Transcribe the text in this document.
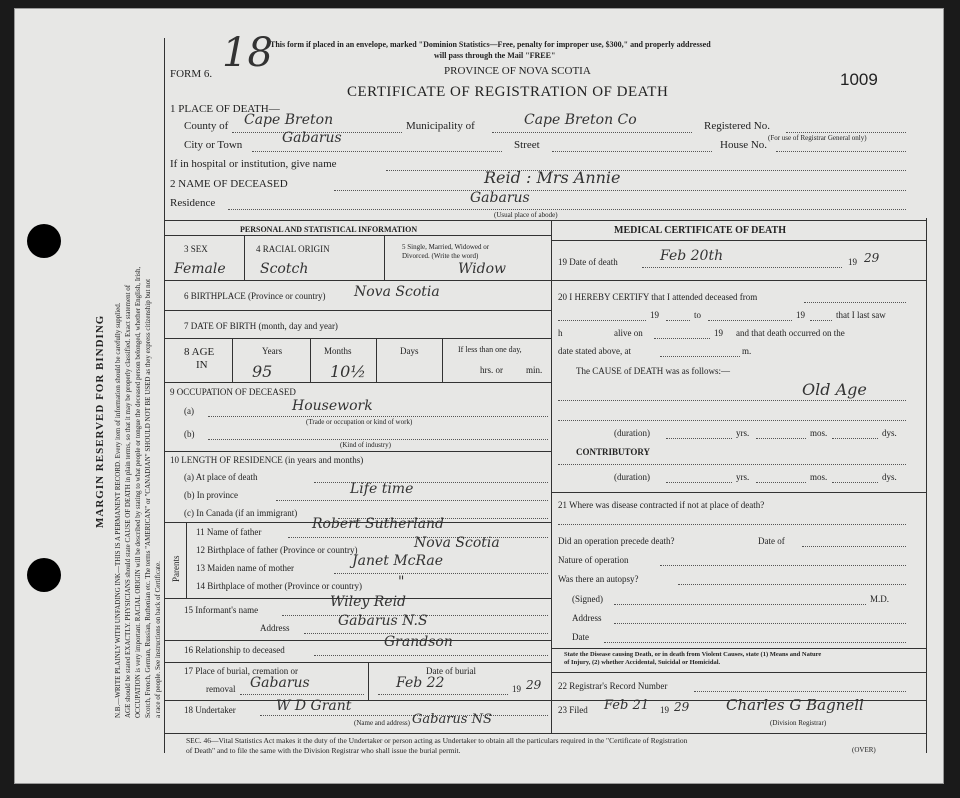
MARGIN RESERVED FOR BINDING N.B.—WRITE PLAINLY WITH UNFADING INK—THIS IS A PERMANENT RECORD. Every item of information should be carefully supplied. AGE should be stated EXACTLY. PHYSICIANS should state CAUSE OF DEATH in plain terms, so that it may be properly classified. Exact statement of OCCUPATION is very important. RACIAL ORIGIN will be described by stating to what people or tongue the deceased person belonged, whether English, Irish, Scotch, French, German, Russian, Ruthenian etc. The terms "AMERICAN" or "CANADIAN" SHOULD NOT BE USED as they express citizenship but not a race of people. See instructions on back of Certificate.
18
This form if placed in an envelope, marked "Dominion Statistics—Free, penalty for improper use, $300," and properly addressed
will pass through the Mail "FREE"
FORM 6.	PROVINCE OF NOVA SCOTIA
CERTIFICATE OF REGISTRATION OF DEATH
1009
1 PLACE OF DEATH—
County of Cape Breton	Municipality of	Cape Breton Co	Registered No.
(For use of Registrar General only)
City or Town	Gabarus	Street	House No.
If in hospital or institution, give name
2 NAME OF DECEASED	Reid : Mrs Annie
Residence	Gabarus
(Usual place of abode)
PERSONAL AND STATISTICAL INFORMATION
3 SEX	4 RACIAL ORIGIN	5 Single, Married, Widowed or
Divorced. (Write the word)
Female Scotch	Widow
6 BIRTHPLACE (Province or country) Nova Scotia
7 DATE OF BIRTH (month, day and year)
8 AGE
IN
Years
95
Months
10½
Days	If less than one day,
hrs. or	min.
9 OCCUPATION OF DECEASED
(a)	Housework
(Trade or occupation or kind of work)
(b)
(Kind of industry)
10 LENGTH OF RESIDENCE (in years and months)
(a) At place of death
(b) In province	Life time
(c) In Canada (if an immigrant)
Parents
11 Name of father	Robert Sutherland
12 Birthplace of father (Province or country)	Nova Scotia
13 Maiden name of mother	Janet McRae
14 Birthplace of mother (Province or country)	"
15 Informant's name	Wiley Reid
Address	Gabarus N.S
16 Relationship to deceased	Grandson
17 Place of burial, cremation or
removal Gabarus
Date of burial
Feb 22	19 29
18 Undertaker	W D Grant
Gabarus NS
(Name and address)
MEDICAL CERTIFICATE OF DEATH
19 Date of death	Feb 20th	19 29
20 I HEREBY CERTIFY that I attended deceased from
19	to	19	that I last saw
h	alive on	19 and that death occurred on the
date stated above, at	m.
The CAUSE of DEATH was as follows:—
Old Age
(duration)	yrs.	mos.	dys.
CONTRIBUTORY
(duration)	yrs.	mos.	dys.
21 Where was disease contracted if not at place of death?
Did an operation precede death?	Date of
Nature of operation
Was there an autopsy?
(Signed)	M.D.
Address
Date
State the Disease causing Death, or in death from Violent Causes, state (1) Means and Nature
of Injury, (2) whether Accidental, Suicidal or Homicidal.
22 Registrar's Record Number
23 Filed Feb 21 19 29 Charles G Bagnell
(Division Registrar)
SEC. 46—Vital Statistics Act makes it the duty of the Undertaker or person acting as Undertaker to obtain all the particulars required in the "Certificate of Registration
of Death" and to file the same with the Division Registrar who shall issue the burial permit.	(OVER)
